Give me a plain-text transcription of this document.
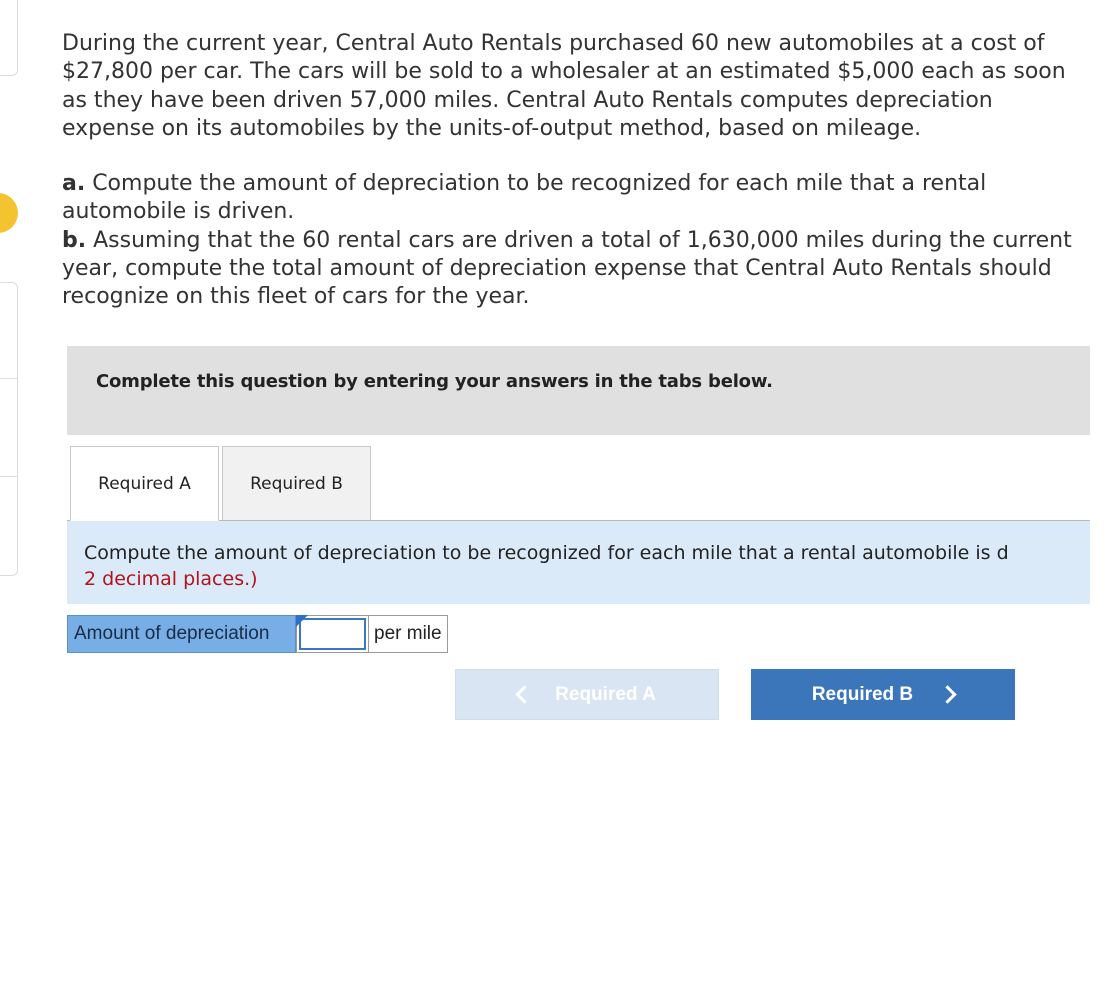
During the current year, Central Auto Rentals purchased 60 new automobiles at a cost of $27,800 per car. The cars will be sold to a wholesaler at an estimated $5,000 each as soon as they have been driven 57,000 miles. Central Auto Rentals computes depreciation expense on its automobiles by the units-of-output method, based on mileage.

a. Compute the amount of depreciation to be recognized for each mile that a rental automobile is driven.

b. Assuming that the 60 rental cars are driven a total of 1,630,000 miles during the current year, compute the total amount of depreciation expense that Central Auto Rentals should recognize on this fleet of cars for the year.

Complete this question by entering your answers in the tabs below.
Required A	Required B
Compute the amount of depreciation to be recognized for each mile that a rental automobile is d
2 decimal places.)
Amount of depreciation	per mile
Required A	Required B
